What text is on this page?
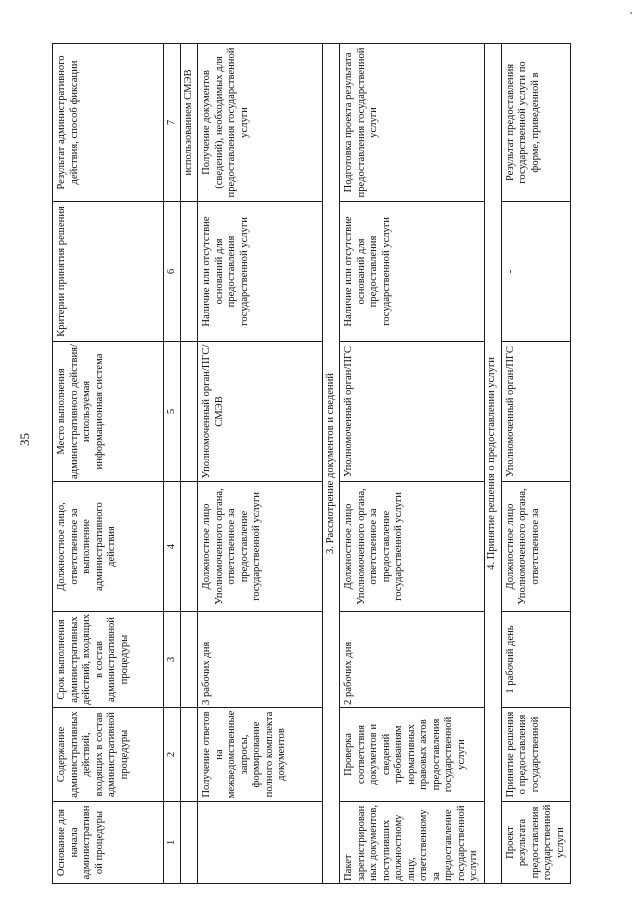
35
Основание для начала административной процедуры	Содержание административных действий, входящих в состав административной процедуры	Срок выполнения административных действий, входящих в состав административной процедуры	Должностное лицо, ответственное за выполнение административного действия	Место выполнения административного действия/используемая информационная система	Критерии принятия решения	Результат административного действия, способ фиксации
1	2	3	4	5	6	7
						использованием СМЭВ
	Получение ответов на межведомственные запросы, формирование полного комплекта документов	3 рабочих дня	Должностное лицо Уполномоченного органа, ответственное за предоставление государственной услуги	Уполномоченный орган/ПГС/СМЭВ	Наличие или отсутствие оснований для предоставления государственной услуги	Получение документов (сведений), необходимых для предоставления государственной услуги
3. Рассмотрение документов и сведений						
Пакет зарегистрированных документов, поступивших должностному лицу, ответственному за предоставление государственной услуги	Проверка соответствия документов и сведений требованиям нормативных правовых актов предоставления государственной услуги	2 рабочих дня	Должностное лицо Уполномоченного органа, ответственное за предоставление государственной услуги	Уполномоченный орган/ПГС	Наличие или отсутствие оснований для предоставления государственной услуги	Подготовка проекта результата предоставления государственной услуги
4. Принятие решения о предоставлении услуги						
Проект результата предоставления государственной услуги	Принятие решения о предоставления государственной	1 рабочий день	Должностное лицо Уполномоченного органа, ответственное за	Уполномоченный орган/ПГС	-	Результат предоставления государственной услуги по форме, приведенной в
